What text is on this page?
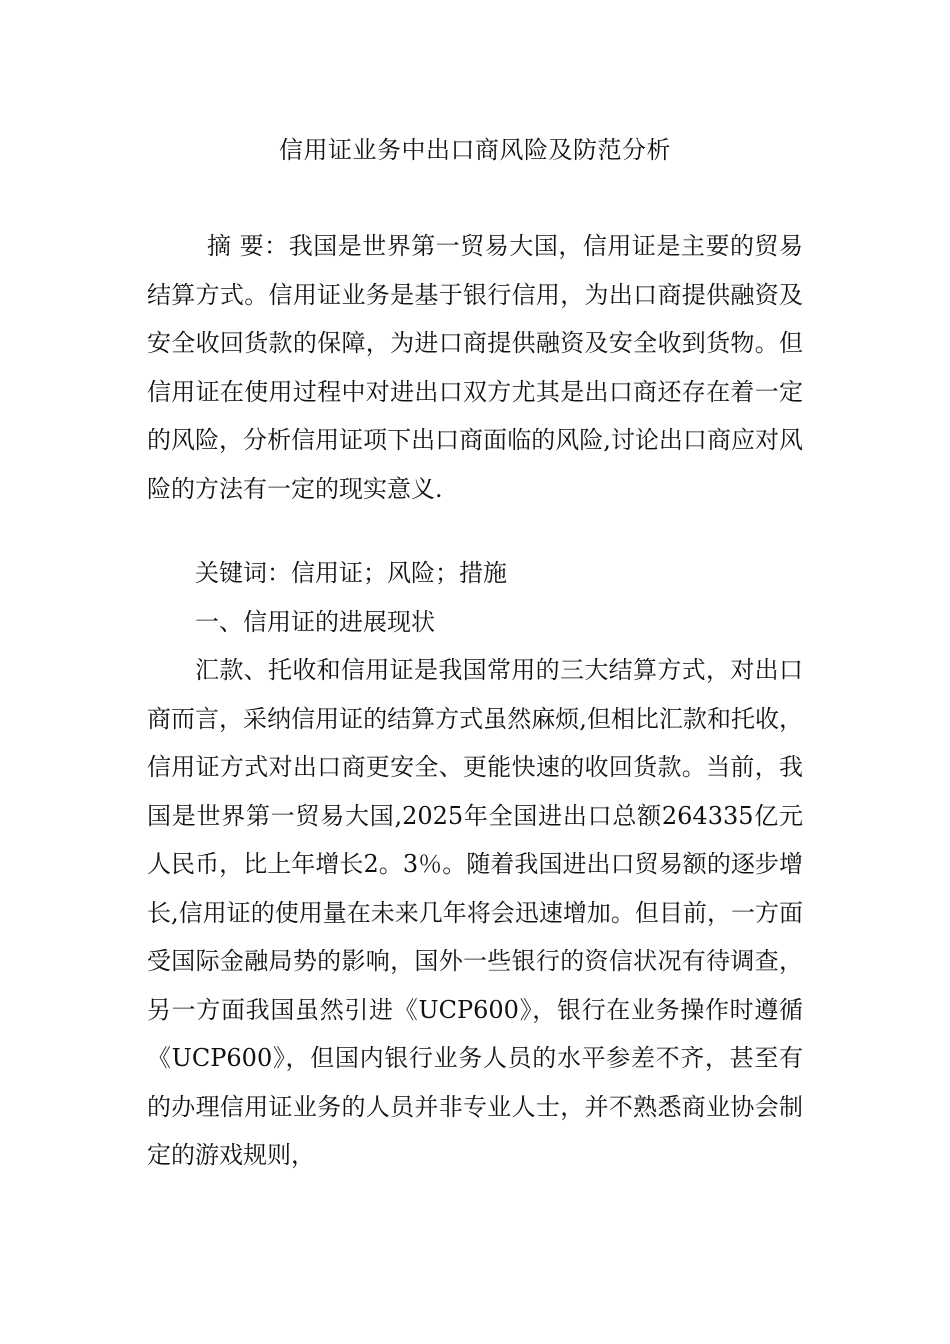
信用证业务中出口商风险及防范分析

摘 要：我国是世界第一贸易大国，信用证是主要的贸易结算方式。信用证业务是基于银行信用，为出口商提供融资及安全收回货款的保障，为进口商提供融资及安全收到货物。但信用证在使用过程中对进出口双方尤其是出口商还存在着一定的风险，分析信用证项下出口商面临的风险,讨论出口商应对风险的方法有一定的现实意义.

关键词：信用证；风险；措施

一、信用证的进展现状

汇款、托收和信用证是我国常用的三大结算方式，对出口商而言，采纳信用证的结算方式虽然麻烦,但相比汇款和托收，信用证方式对出口商更安全、更能快速的收回货款。当前，我国是世界第一贸易大国,2025年全国进出口总额264335亿元人民币，比上年增长2。3％。随着我国进出口贸易额的逐步增长,信用证的使用量在未来几年将会迅速增加。但目前，一方面受国际金融局势的影响，国外一些银行的资信状况有待调查，另一方面我国虽然引进《UCP600》，银行在业务操作时遵循《UCP600》，但国内银行业务人员的水平参差不齐，甚至有的办理信用证业务的人员并非专业人士，并不熟悉商业协会制定的游戏规则，
